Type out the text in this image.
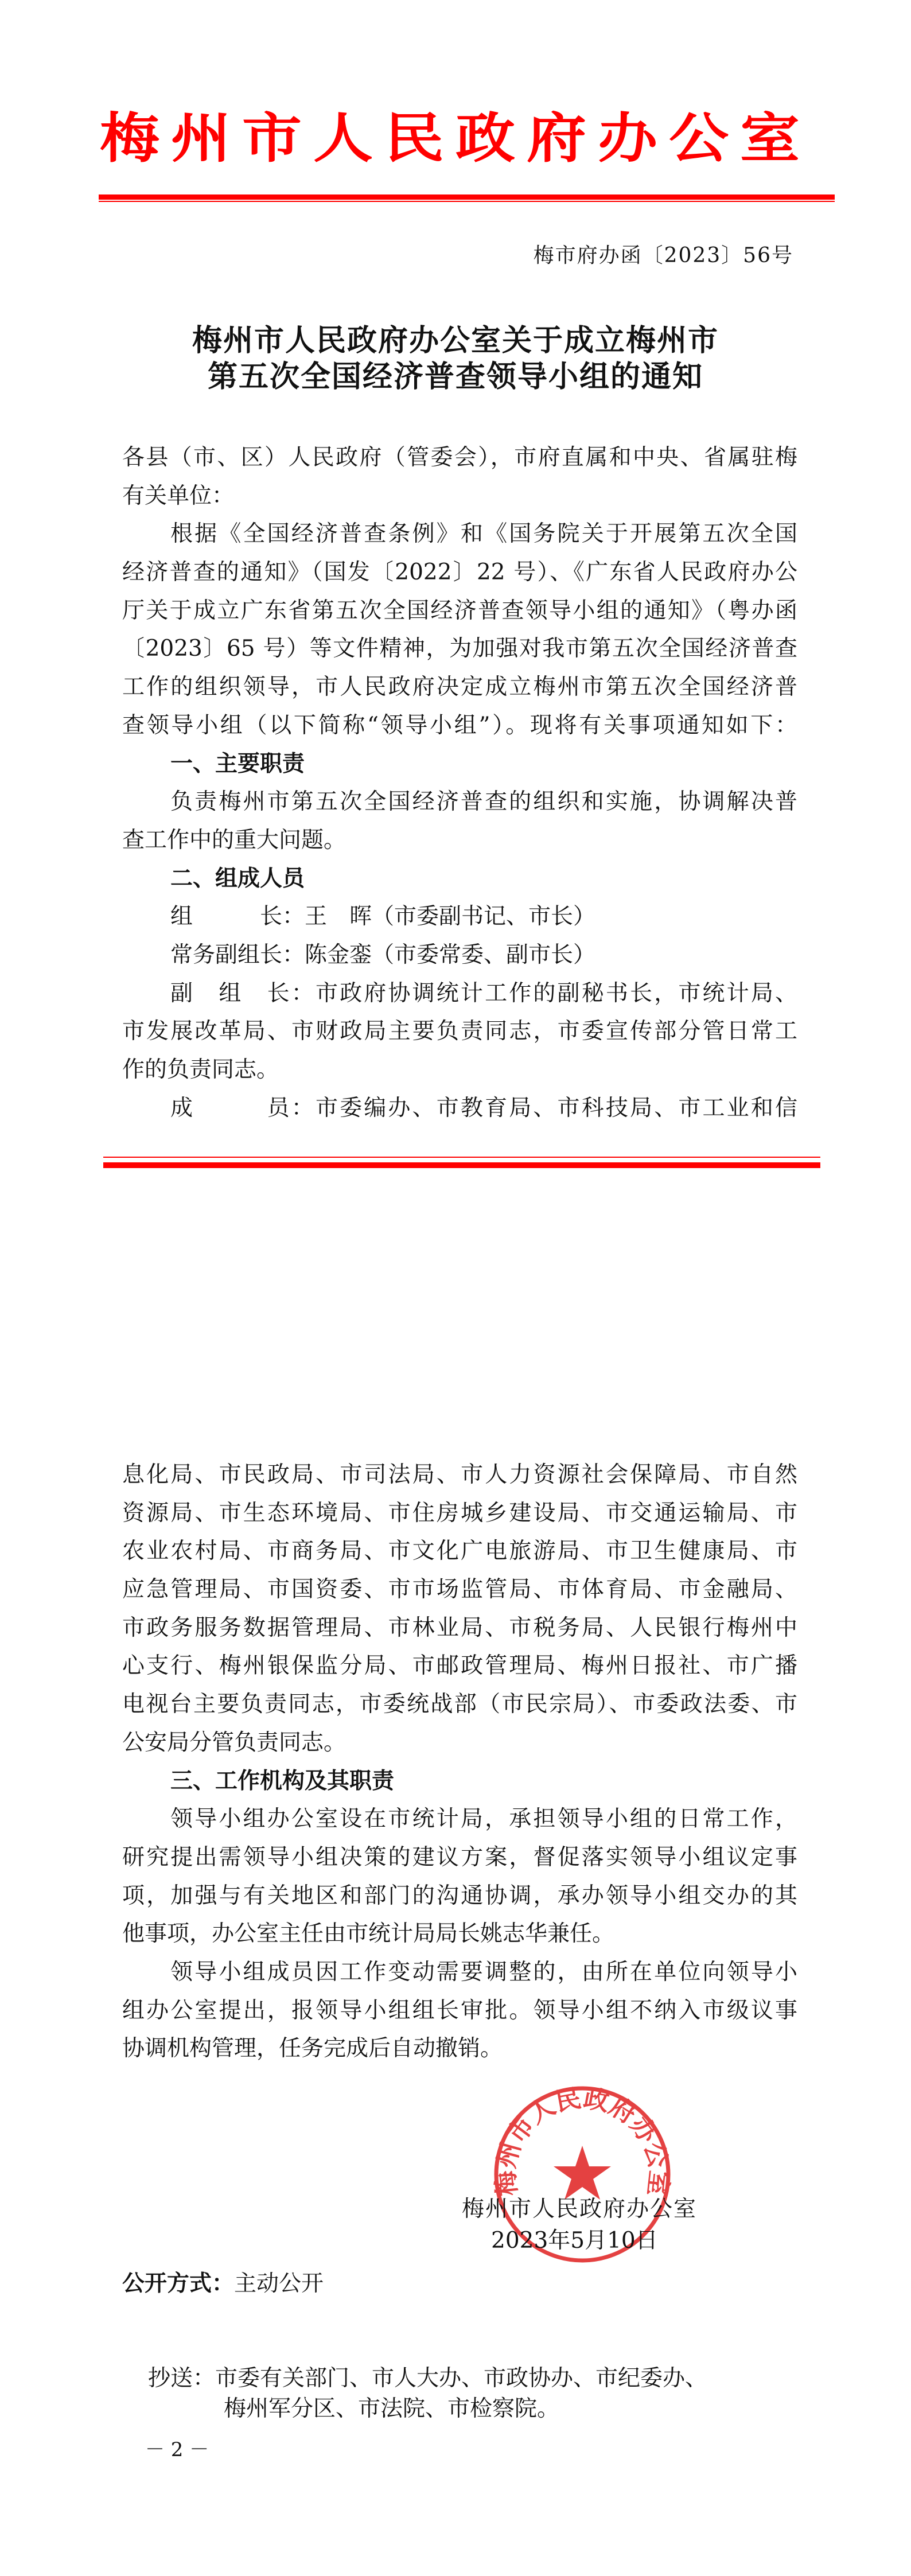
梅州市人民政府办公室
梅市府办函〔2023〕56号
梅州市人民政府办公室关于成立梅州市
第五次全国经济普查领导小组的通知
各县（市、区）人民政府（管委会），市府直属和中央、省属驻梅
有关单位：
根据《全国经济普查条例》和《国务院关于开展第五次全国
经济普查的通知》（国发〔2022〕22 号）、《广东省人民政府办公
厅关于成立广东省第五次全国经济普查领导小组的通知》（粤办函
〔2023〕65 号）等文件精神，为加强对我市第五次全国经济普查
工作的组织领导，市人民政府决定成立梅州市第五次全国经济普
查领导小组（以下简称“领导小组”）。现将有关事项通知如下：
一、主要职责
负责梅州市第五次全国经济普查的组织和实施，协调解决普
查工作中的重大问题。
二、组成人员
组　　　长：王　晖（市委副书记、市长）
常务副组长：陈金銮（市委常委、副市长）
副　组　长：市政府协调统计工作的副秘书长，市统计局、
市发展改革局、市财政局主要负责同志，市委宣传部分管日常工
作的负责同志。
成　　　员：市委编办、市教育局、市科技局、市工业和信
息化局、市民政局、市司法局、市人力资源社会保障局、市自然
资源局、市生态环境局、市住房城乡建设局、市交通运输局、市
农业农村局、市商务局、市文化广电旅游局、市卫生健康局、市
应急管理局、市国资委、市市场监管局、市体育局、市金融局、
市政务服务数据管理局、市林业局、市税务局、人民银行梅州中
心支行、梅州银保监分局、市邮政管理局、梅州日报社、市广播
电视台主要负责同志，市委统战部（市民宗局）、市委政法委、市
公安局分管负责同志。
三、工作机构及其职责
领导小组办公室设在市统计局，承担领导小组的日常工作，
研究提出需领导小组决策的建议方案，督促落实领导小组议定事
项，加强与有关地区和部门的沟通协调，承办领导小组交办的其
他事项，办公室主任由市统计局局长姚志华兼任。
领导小组成员因工作变动需要调整的，由所在单位向领导小
组办公室提出，报领导小组组长审批。领导小组不纳入市级议事
协调机构管理，任务完成后自动撤销。
梅州市人民政府办公室
梅州市人民政府办公室
2023年5月10日
公开方式：主动公开
抄送：市委有关部门、市人大办、市政协办、市纪委办、
梅州军分区、市法院、市检察院。
－ 2 －
